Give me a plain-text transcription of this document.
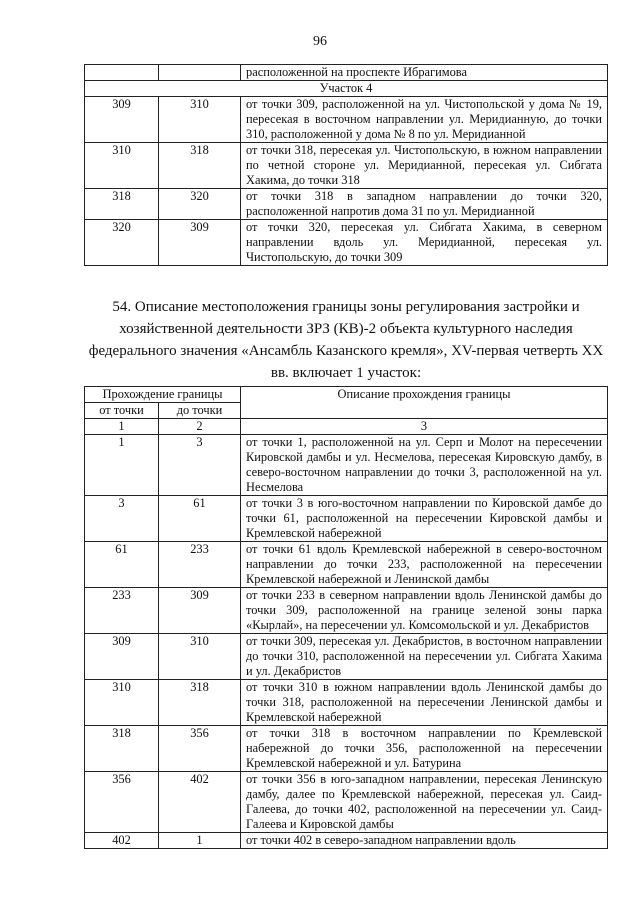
96
		расположенной на проспекте Ибрагимова
Участок 4		
309	310	от точки 309, расположенной на ул. Чистопольской у дома № 19, пересекая в восточном направлении ул. Меридианную, до точки 310, расположенной у дома № 8 по ул. Меридианной
310	318	от точки 318, пересекая ул. Чистопольскую, в южном направлении по четной стороне ул. Меридианной, пересекая ул. Сибгата Хакима, до точки 318
318	320	от точки 318 в западном направлении до точки 320, расположенной напротив дома 31 по ул. Меридианной
320	309	от точки 320, пересекая ул. Сибгата Хакима, в северном направлении вдоль ул. Меридианной, пересекая ул. Чистопольскую, до точки 309
54. Описание местоположения границы зоны регулирования застройки и хозяйственной деятельности ЗРЗ (КВ)-2 объекта культурного наследия федерального значения «Ансамбль Казанского кремля», XV-первая четверть XX вв. включает 1 участок:
Прохождение границы		Описание прохождения границы
от точки	до точки	
1	2	3
1	3	от точки 1, расположенной на ул. Серп и Молот на пересечении Кировской дамбы и ул. Несмелова, пересекая Кировскую дамбу, в северо-восточном направлении до точки 3, расположенной на ул. Несмелова
3	61	от точки 3 в юго-восточном направлении по Кировской дамбе до точки 61, расположенной на пересечении Кировской дамбы и Кремлевской набережной
61	233	от точки 61 вдоль Кремлевской набережной в северо-восточном направлении до точки 233, расположенной на пересечении Кремлевской набережной и Ленинской дамбы
233	309	от точки 233 в северном направлении вдоль Ленинской дамбы до точки 309, расположенной на границе зеленой зоны парка «Кырлай», на пересечении ул. Комсомольской и ул. Декабристов
309	310	от точки 309, пересекая ул. Декабристов, в восточном направлении до точки 310, расположенной на пересечении ул. Сибгата Хакима и ул. Декабристов
310	318	от точки 310 в южном направлении вдоль Ленинской дамбы до точки 318, расположенной на пересечении Ленинской дамбы и Кремлевской набережной
318	356	от точки 318 в восточном направлении по Кремлевской набережной до точки 356, расположенной на пересечении Кремлевской набережной и ул. Батурина
356	402	от точки 356 в юго-западном направлении, пересекая Ленинскую дамбу, далее по Кремлевской набережной, пересекая ул. Саид-Галеева, до точки 402, расположенной на пересечении ул. Саид-Галеева и Кировской дамбы
402	1	от точки 402 в северо-западном направлении вдоль
